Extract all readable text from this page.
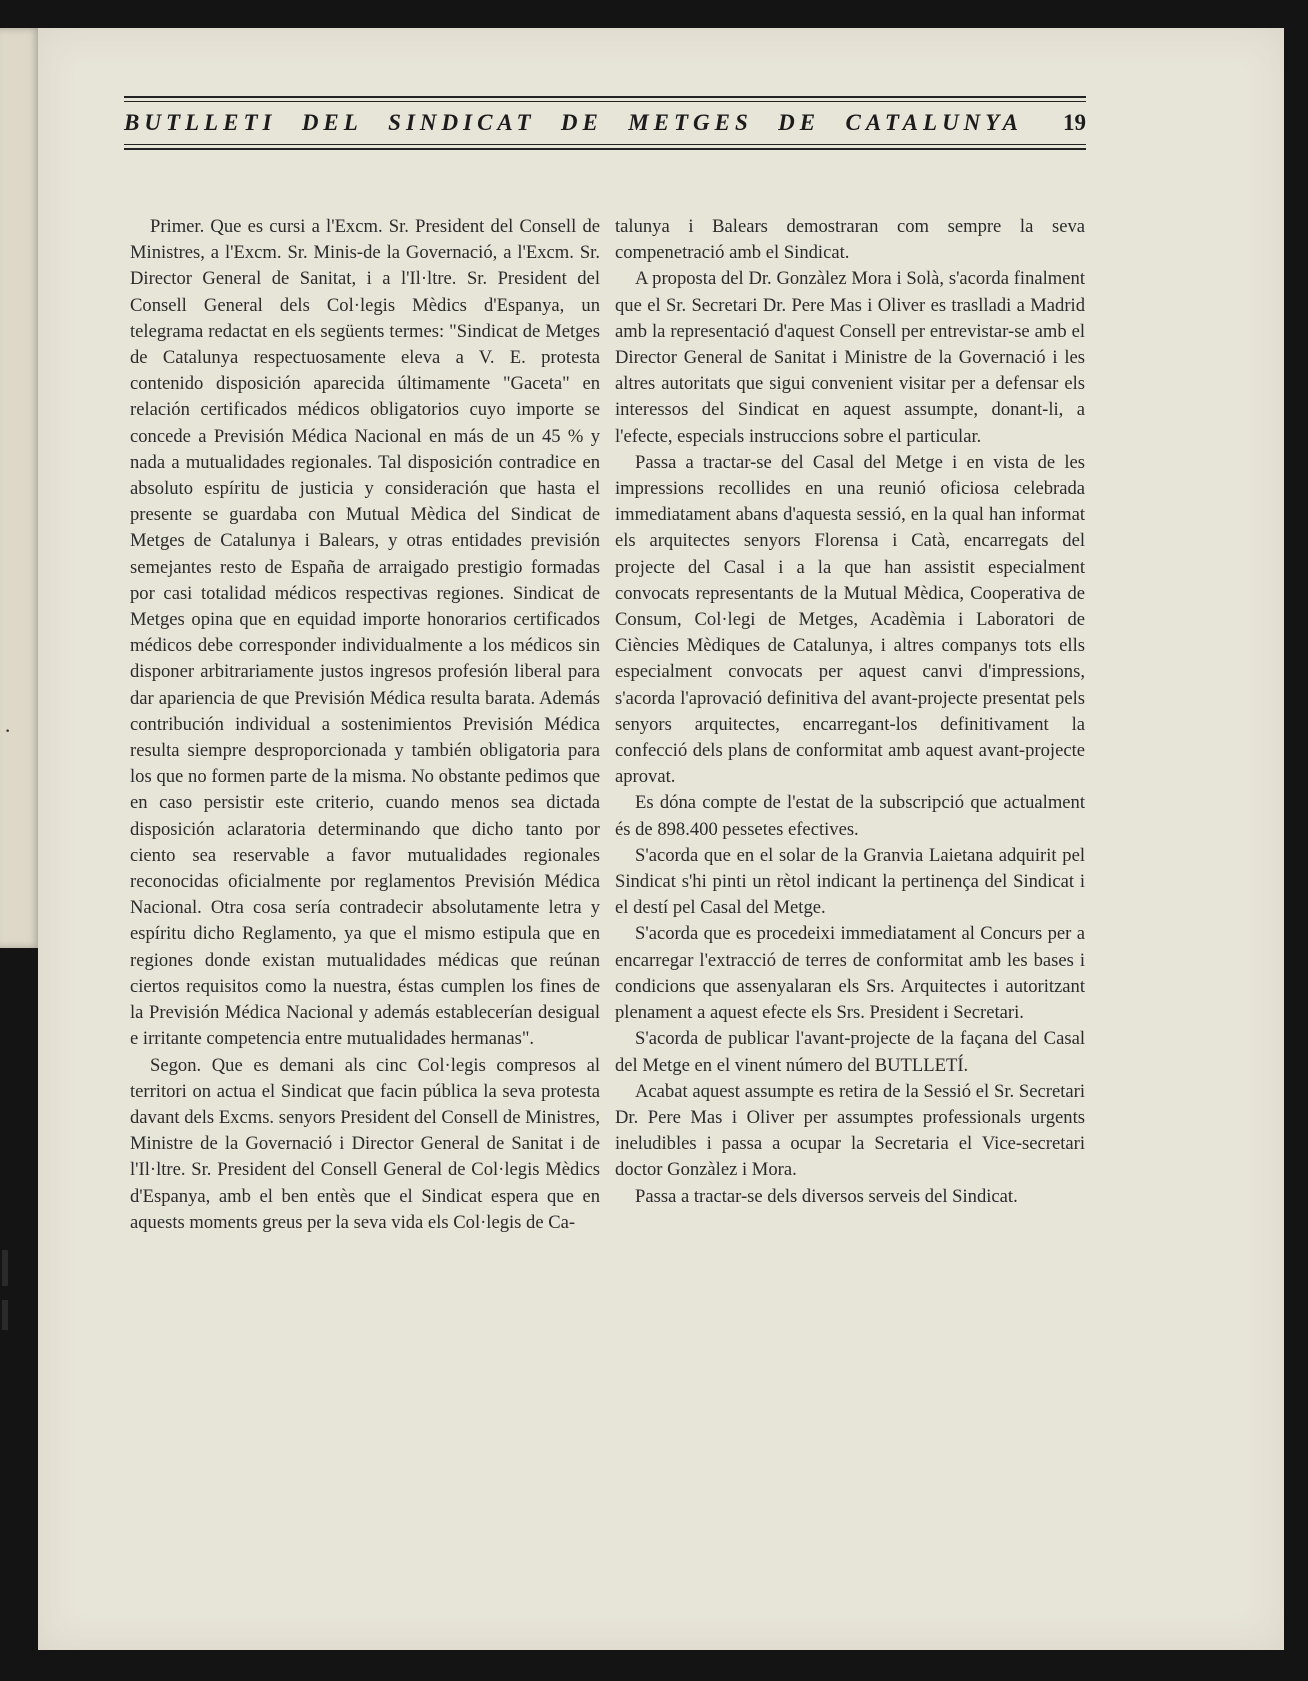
·
BUTLLETI DEL SINDICAT DE METGES DE CATALUNYA 19

Primer. Que es cursi a l'Excm. Sr. President del Consell de Ministres, a l'Excm. Sr. Minis-de la Governació, a l'Excm. Sr. Director General de Sanitat, i a l'Il·ltre. Sr. President del Consell General dels Col·legis Mèdics d'Espanya, un telegrama redactat en els següents termes: "Sindicat de Metges de Catalunya respectuosamente eleva a V. E. protesta contenido disposición aparecida últimamente "Gaceta" en relación certificados médicos obligatorios cuyo importe se concede a Previsión Médica Nacional en más de un 45 % y nada a mutualidades regionales. Tal disposición contradice en absoluto espíritu de justicia y consideración que hasta el presente se guardaba con Mutual Mèdica del Sindicat de Metges de Catalunya i Balears, y otras entidades previsión semejantes resto de España de arraigado prestigio formadas por casi totalidad médicos respectivas regiones. Sindicat de Metges opina que en equidad importe honorarios certificados médicos debe corresponder individualmente a los médicos sin disponer arbitrariamente justos ingresos profesión liberal para dar apariencia de que Previsión Médica resulta barata. Además contribución individual a sostenimientos Previsión Médica resulta siempre desproporcionada y también obligatoria para los que no formen parte de la misma. No obstante pedimos que en caso persistir este criterio, cuando menos sea dictada disposición aclaratoria determinando que dicho tanto por ciento sea reservable a favor mutualidades regionales reconocidas oficialmente por reglamentos Previsión Médica Nacional. Otra cosa sería contradecir absolutamente letra y espíritu dicho Reglamento, ya que el mismo estipula que en regiones donde existan mutualidades médicas que reúnan ciertos requisitos como la nuestra, éstas cumplen los fines de la Previsión Médica Nacional y además establecerían desigual e irritante competencia entre mutualidades hermanas".

Segon. Que es demani als cinc Col·legis compresos al territori on actua el Sindicat que facin pública la seva protesta davant dels Excms. senyors President del Consell de Ministres, Ministre de la Governació i Director General de Sanitat i de l'Il·ltre. Sr. President del Consell General de Col·legis Mèdics d'Espanya, amb el ben entès que el Sindicat espera que en aquests moments greus per la seva vida els Col·legis de Ca-

talunya i Balears demostraran com sempre la seva compenetració amb el Sindicat.

A proposta del Dr. Gonzàlez Mora i Solà, s'acorda finalment que el Sr. Secretari Dr. Pere Mas i Oliver es traslladi a Madrid amb la representació d'aquest Consell per entrevistar-se amb el Director General de Sanitat i Ministre de la Governació i les altres autoritats que sigui convenient visitar per a defensar els interessos del Sindicat en aquest assumpte, donant-li, a l'efecte, especials instruccions sobre el particular.

Passa a tractar-se del Casal del Metge i en vista de les impressions recollides en una reunió oficiosa celebrada immediatament abans d'aquesta sessió, en la qual han informat els arquitectes senyors Florensa i Catà, encarregats del projecte del Casal i a la que han assistit especialment convocats representants de la Mutual Mèdica, Cooperativa de Consum, Col·legi de Metges, Acadèmia i Laboratori de Ciències Mèdiques de Catalunya, i altres companys tots ells especialment convocats per aquest canvi d'impressions, s'acorda l'aprovació definitiva del avant-projecte presentat pels senyors arquitectes, encarregant-los definitivament la confecció dels plans de conformitat amb aquest avant-projecte aprovat.

Es dóna compte de l'estat de la subscripció que actualment és de 898.400 pessetes efectives.

S'acorda que en el solar de la Granvia Laietana adquirit pel Sindicat s'hi pinti un rètol indicant la pertinença del Sindicat i el destí pel Casal del Metge.

S'acorda que es procedeixi immediatament al Concurs per a encarregar l'extracció de terres de conformitat amb les bases i condicions que assenyalaran els Srs. Arquitectes i autoritzant plenament a aquest efecte els Srs. President i Secretari.

S'acorda de publicar l'avant-projecte de la façana del Casal del Metge en el vinent número del BUTLLETÍ.

Acabat aquest assumpte es retira de la Sessió el Sr. Secretari Dr. Pere Mas i Oliver per assumptes professionals urgents ineludibles i passa a ocupar la Secretaria el Vice-secretari doctor Gonzàlez i Mora.

Passa a tractar-se dels diversos serveis del Sindicat.
